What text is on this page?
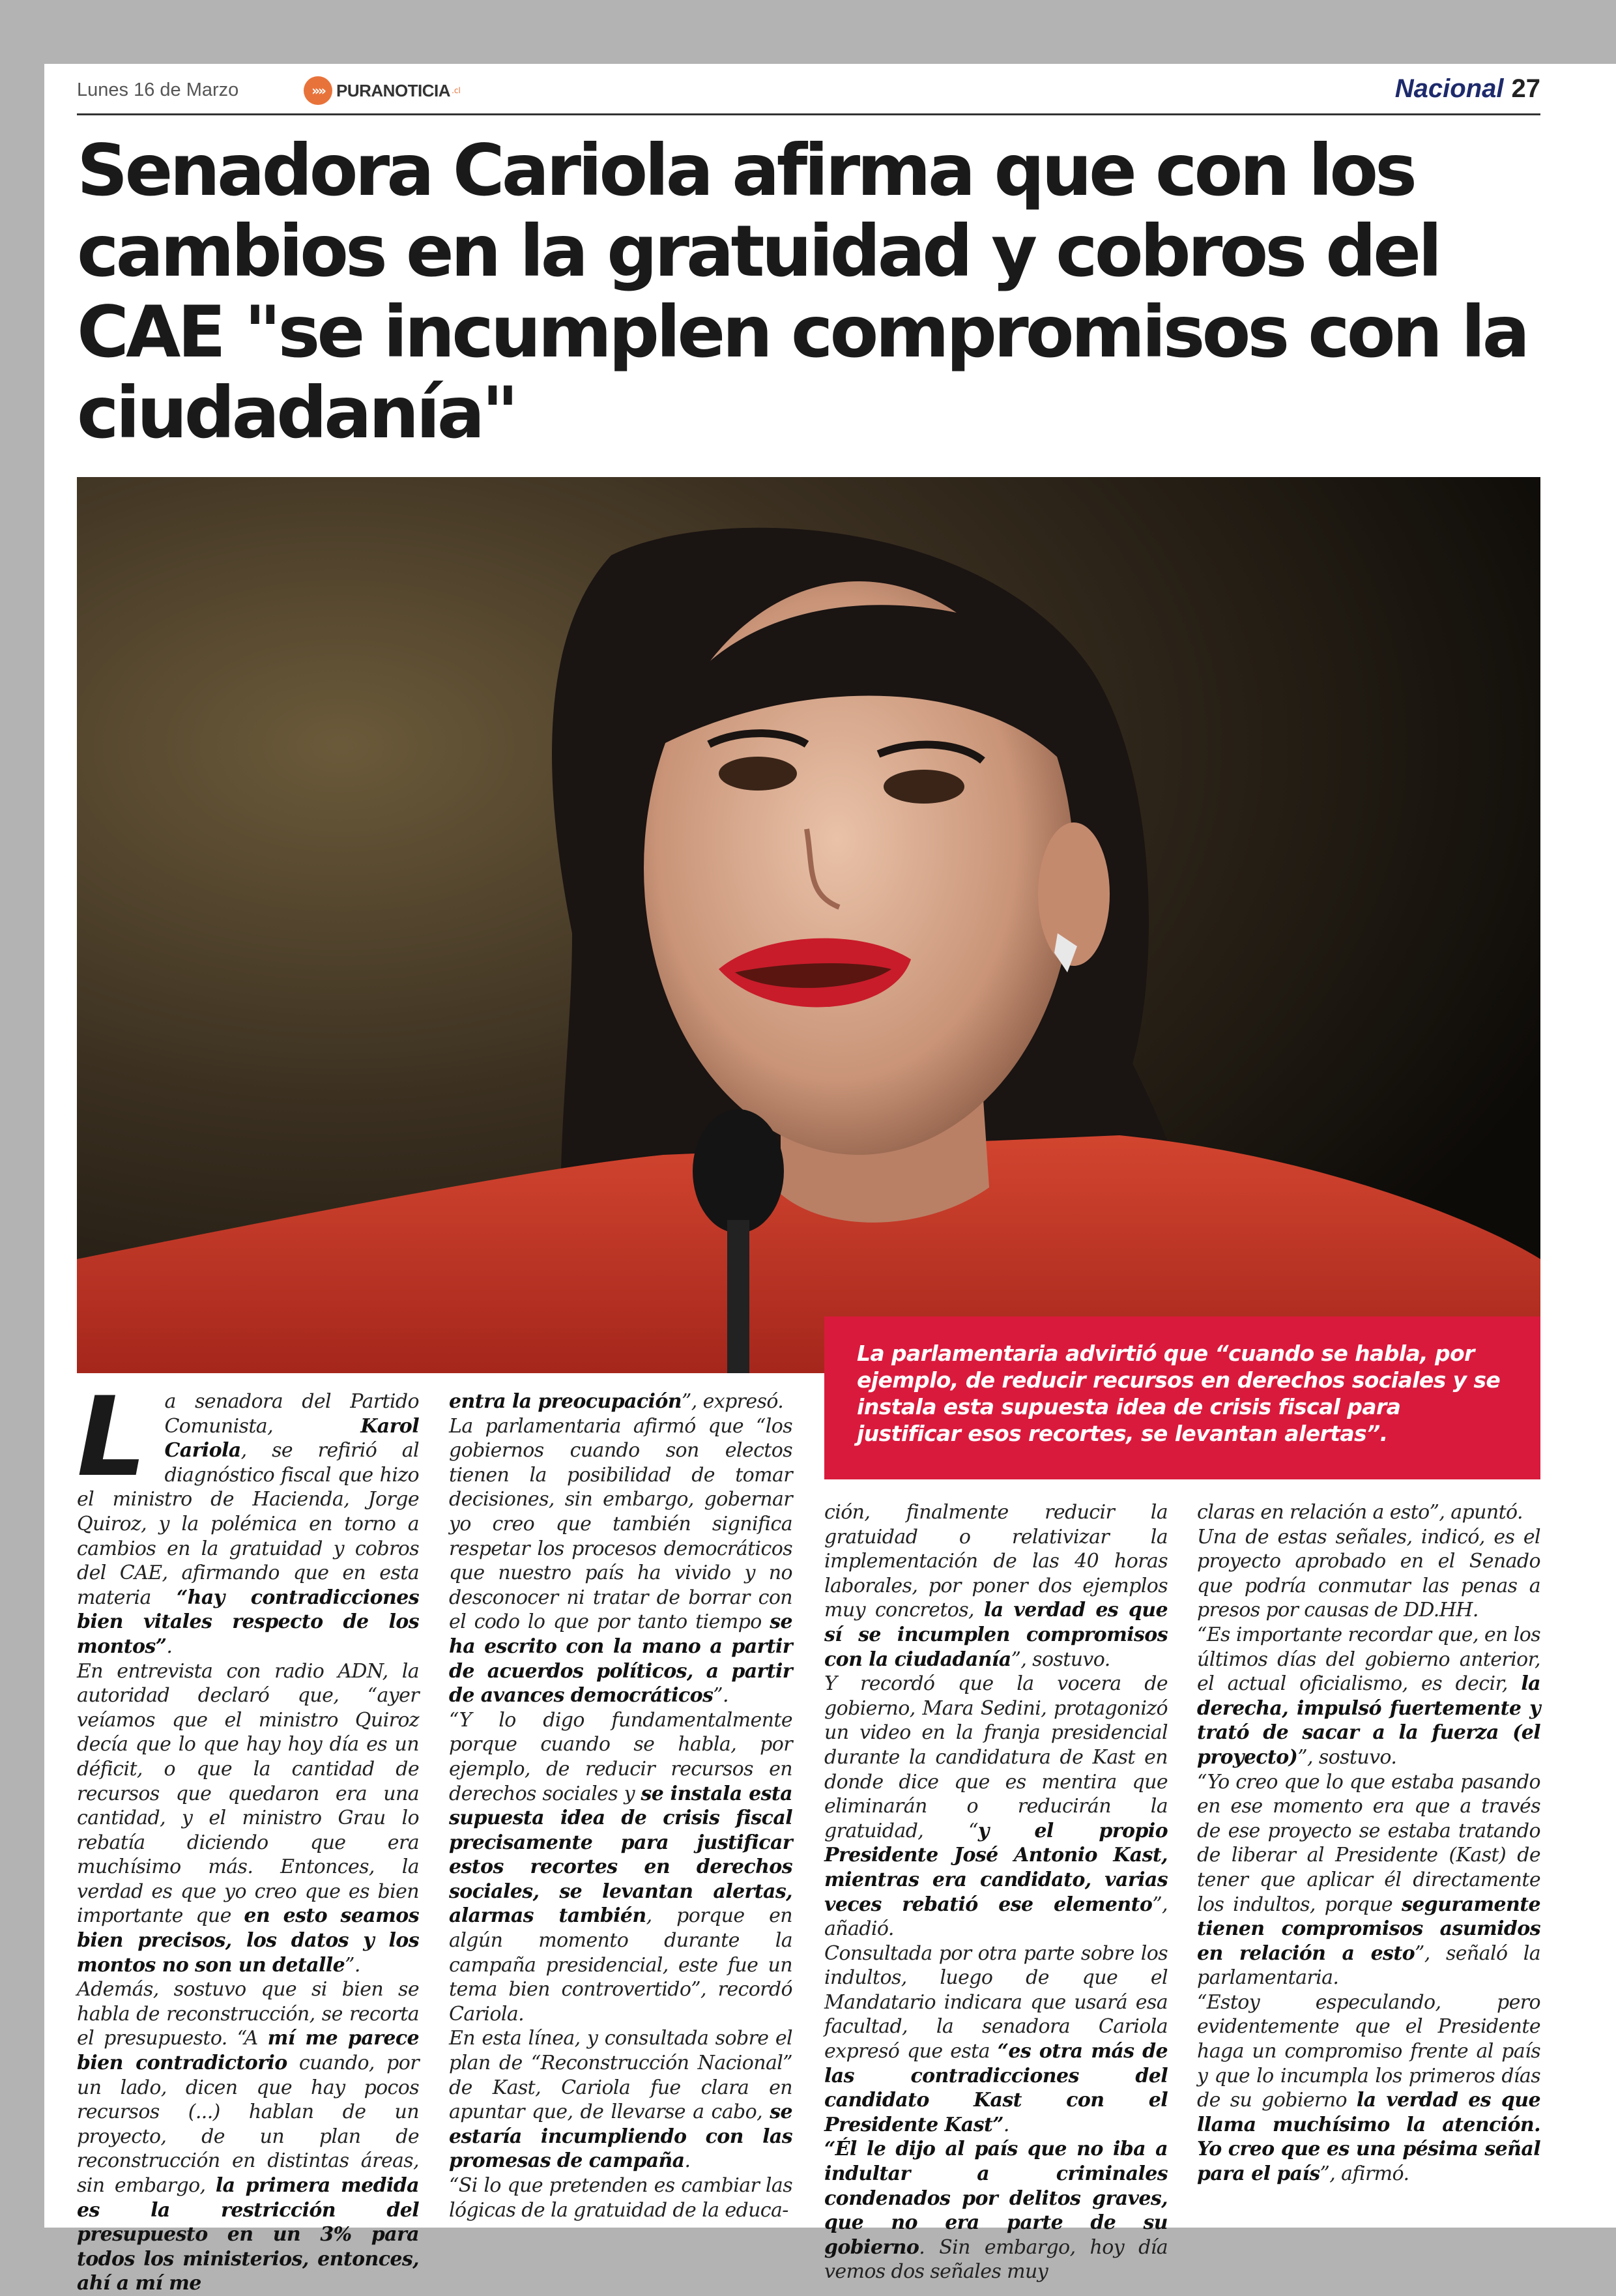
Lunes 16 de Marzo	»» PURANOTICIA .cl	Nacional 27
Senadora Cariola afirma que con los cambios en la gratuidad y cobros del CAE "se incumplen compromisos con la ciudadanía"
La parlamentaria advirtió que “cuando se habla, por ejemplo, de reducir recursos en derechos sociales y se instala esta supuesta idea de crisis fiscal para justificar esos recortes, se levantan alertas”.
L a senadora del Partido Comunista, Karol Cariola, se refirió al diagnóstico fiscal que hizo el ministro de Hacienda, Jorge Quiroz, y la polémica en torno a cambios en la gratuidad y cobros del CAE, afirmando que en esta materia “hay contradicciones bien vitales respecto de los montos”.

En entrevista con radio ADN, la autoridad declaró que, “ayer veíamos que el ministro Quiroz decía que lo que hay hoy día es un déficit, o que la cantidad de recursos que quedaron era una cantidad, y el ministro Grau lo rebatía diciendo que era muchísimo más. Entonces, la verdad es que yo creo que es bien importante que en esto seamos bien precisos, los datos y los montos no son un detalle”.

Además, sostuvo que si bien se habla de reconstrucción, se recorta el presupuesto. “A mí me parece bien contradictorio cuando, por un lado, dicen que hay pocos recursos (...) hablan de un proyecto, de un plan de reconstrucción en distintas áreas, sin embargo, la primera medida es la restricción del presupuesto en un 3% para todos los ministerios, entonces, ahí a mí me

entra la preocupación”, expresó.

La parlamentaria afirmó que “los gobiernos cuando son electos tienen la posibilidad de tomar decisiones, sin embargo, gobernar yo creo que también significa respetar los procesos democráticos que nuestro país ha vivido y no desconocer ni tratar de borrar con el codo lo que por tanto tiempo se ha escrito con la mano a partir de acuerdos políticos, a partir de avances democráticos”.

“Y lo digo fundamentalmente porque cuando se habla, por ejemplo, de reducir recursos en derechos sociales y se instala esta supuesta idea de crisis fiscal precisamente para justificar estos recortes en derechos sociales, se levantan alertas, alarmas también, porque en algún momento durante la campaña presidencial, este fue un tema bien controvertido”, recordó Cariola.

En esta línea, y consultada sobre el plan de “Reconstrucción Nacional” de Kast, Cariola fue clara en apuntar que, de llevarse a cabo, se estaría incumpliendo con las promesas de campaña.

“Si lo que pretenden es cambiar las lógicas de la gratuidad de la educa-

ción, finalmente reducir la gratuidad o relativizar la implementación de las 40 horas laborales, por poner dos ejemplos muy concretos, la verdad es que sí se incumplen compromisos con la ciudadanía”, sostuvo.

Y recordó que la vocera de gobierno, Mara Sedini, protagonizó un video en la franja presidencial durante la candidatura de Kast en donde dice que es mentira que eliminarán o reducirán la gratuidad, “y el propio Presidente José Antonio Kast, mientras era candidato, varias veces rebatió ese elemento”, añadió.

Consultada por otra parte sobre los indultos, luego de que el Mandatario indicara que usará esa facultad, la senadora Cariola expresó que esta “es otra más de las contradicciones del candidato Kast con el Presidente Kast”.

“Él le dijo al país que no iba a indultar a criminales condenados por delitos graves, que no era parte de su gobierno. Sin embargo, hoy día vemos dos señales muy

claras en relación a esto”, apuntó.

Una de estas señales, indicó, es el proyecto aprobado en el Senado que podría conmutar las penas a presos por causas de DD.HH.

“Es importante recordar que, en los últimos días del gobierno anterior, el actual oficialismo, es decir, la derecha, impulsó fuertemente y trató de sacar a la fuerza (el proyecto)”, sostuvo.

“Yo creo que lo que estaba pasando en ese momento era que a través de ese proyecto se estaba tratando de liberar al Presidente (Kast) de tener que aplicar él directamente los indultos, porque seguramente tienen compromisos asumidos en relación a esto”, señaló la parlamentaria.

“Estoy especulando, pero evidentemente que el Presidente haga un compromiso frente al país y que lo incumpla los primeros días de su gobierno la verdad es que llama muchísimo la atención. Yo creo que es una pésima señal para el país”, afirmó.
